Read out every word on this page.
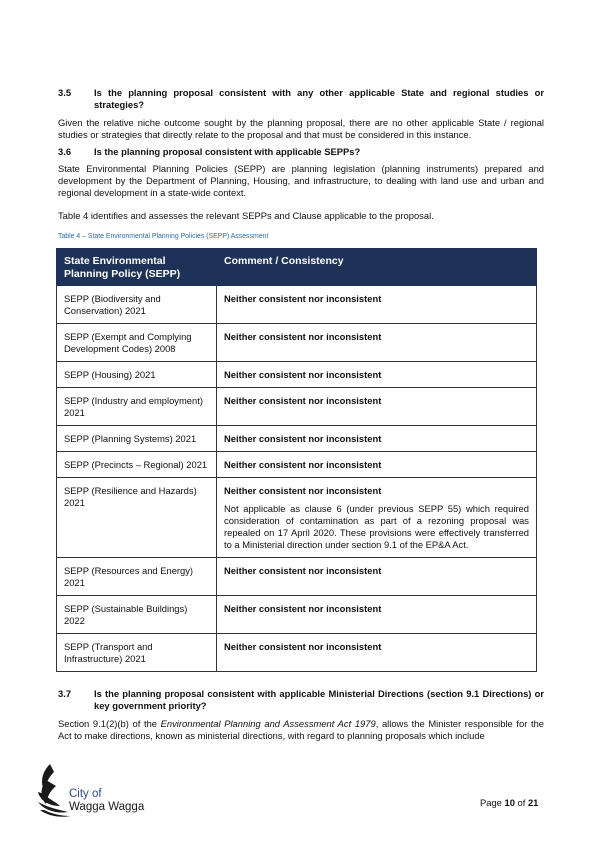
3.5	Is the planning proposal consistent with any other applicable State and regional studies or strategies?
Given the relative niche outcome sought by the planning proposal, there are no other applicable State / regional studies or strategies that directly relate to the proposal and that must be considered in this instance.
3.6	Is the planning proposal consistent with applicable SEPPs?
State Environmental Planning Policies (SEPP) are planning legislation (planning instruments) prepared and development by the Department of Planning, Housing, and infrastructure, to dealing with land use and urban and regional development in a state-wide context.
Table 4 identifies and assesses the relevant SEPPs and Clause applicable to the proposal.
Table 4 – State Environmental Planning Policies (SEPP) Assessment
State Environmental Planning Policy (SEPP)	Comment / Consistency
SEPP (Biodiversity and Conservation) 2021	Neither consistent nor inconsistent

SEPP (Exempt and Complying Development Codes) 2008	Neither consistent nor inconsistent

SEPP (Housing) 2021	Neither consistent nor inconsistent

SEPP (Industry and employment) 2021	Neither consistent nor inconsistent

SEPP (Planning Systems) 2021	Neither consistent nor inconsistent

SEPP (Precincts – Regional) 2021	Neither consistent nor inconsistent

SEPP (Resilience and Hazards) 2021	Neither consistent nor inconsistent
Not applicable as clause 6 (under previous SEPP 55) which required consideration of contamination as part of a rezoning proposal was repealed on 17 April 2020. These provisions were effectively transferred to a Ministerial direction under section 9.1 of the EP&A Act.

SEPP (Resources and Energy) 2021	Neither consistent nor inconsistent

SEPP (Sustainable Buildings) 2022	Neither consistent nor inconsistent

SEPP (Transport and Infrastructure) 2021	Neither consistent nor inconsistent
3.7	Is the planning proposal consistent with applicable Ministerial Directions (section 9.1 Directions) or key government priority?
Section 9.1(2)(b) of the Environmental Planning and Assessment Act 1979, allows the Minister responsible for the Act to make directions, known as ministerial directions, with regard to planning proposals which include
City of
Wagga Wagga	Page 10 of 21
